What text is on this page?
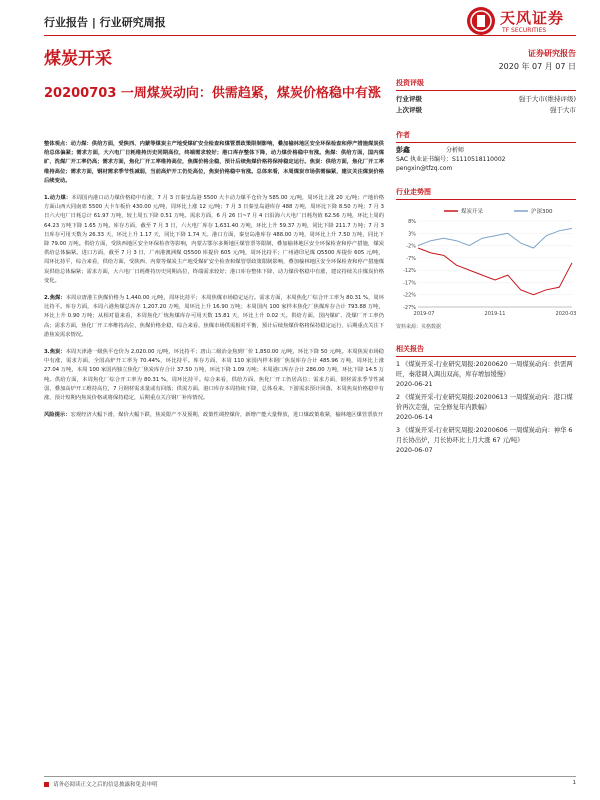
行业报告 | 行业研究周报	天风证券
TF SECURITIES
煤炭开采	证券研究报告
2020 年 07 月 07 日
20200703 一周煤炭动向：供需趋紧，煤炭价格稳中有涨

整体观点：动力煤：供给方面，受陕西、内蒙等煤炭主产地受煤矿安全检查和煤管票政策限制影响，叠加榆林地区安全环保检查和停产措施煤炭供给总体偏紧；需求方面，大六电厂日耗维持历史同期高位，终端需求较好；港口库存整体下降，动力煤价格稳中有涨。焦煤：供给方面，国内煤矿、洗煤厂开工率仍高；需求方面，焦化厂开工率维持高位，焦煤价格企稳，预计后续焦煤价格将保持稳定运行。焦炭：供给方面，焦化厂开工率维持高位；需求方面，钢材需求季节性减弱，当前高炉开工仍处高位，焦炭价格稳中有涨。总体来看，本周煤炭市场供需偏紧，建议关注煤炭价格后续变动。

1.动力煤：本周国内港口动力煤价格稳中有涨，7 月 3 日秦皇岛港 5500 大卡动力煤平仓价为 585.00 元/吨，周环比上涨 20 元/吨；产地价格方面山西大同南郊 5500 大卡车板价 430.00 元/吨，周环比上涨 12 元/吨；7 月 3 日秦皇岛港库存 488 万吨，周环比下降 8.50 万吨；7 月 3 日六大电厂日耗总计 61.97 万吨，较上周五下降 0.51 万吨。需求方面，6 月 26 日~7 月 4 日沿海六大电厂日耗均值 62.56 万吨，环比上周的 64.23 万吨下降 1.65 万吨。库存方面，截至 7 月 3 日，六大电厂库存 1,631.40 万吨，环比上升 59.37 万吨，同比下降 211.7 万吨；7 月 3 日库存可用天数为 26.33 天，环比上升 1.17 天，同比下降 1.74 天。港口方面，秦皇岛港库存 488.00 万吨，周环比上升 7.50 万吨，同比下降 79.00 万吨。供给方面，受陕西地区安全环保检查等影响，内蒙古鄂尔多斯地区煤管票等限制，叠加榆林地区安全环保检查和停产措施，煤炭供给总体偏紧。进口方面，截至 7 月 3 日，广州港澳洲煤 Q5500 库提价 605 元/吨，周环比持平；广州港印尼煤 Q5500 库提价 605 元/吨，周环比持平，综合来看，供给方面，受陕西、内蒙等煤炭主产地受煤矿安全检查和煤管票政策限制影响，叠加榆林地区安全环保检查和停产措施煤炭供给总体偏紧；需求方面，大六电厂日耗维持历史同期高位，终端需求较好；港口库存整体下降，动力煤价格稳中有涨，建议持续关注煤炭价格变化。

2.焦煤：本周京唐港主焦煤价格为 1,440.00 元/吨，周环比持平；本周焦煤市场稳定运行。需求方面，本周焦化厂综合开工率为 80.31 %，周环比持平。库存方面，本周六港焦煤总库存 1,207.20 万吨，周环比上升 16.90 万吨；本周国内 100 家样本焦化厂焦煤库存合计 793.88 万吨，环比上升 0.90 万吨；从相对量来看，本周焦化厂炼焦煤库存可用天数 15.81 天，环比上升 0.02 天。供给方面，国内煤矿、洗煤厂开工率仍高；需求方面，焦化厂开工率维持高位，焦煤价格企稳，综合来看，焦煤市场供需相对平衡，预计后续焦煤价格将保持稳定运行，后期重点关注下游焦炭需求情况。

3.焦炭：本周天津港一级焦平仓价为 2,020.00 元/吨，环比持平；唐山二级冶金焦到厂价 1,850.00 元/吨，环比下降 50 元/吨。本周焦炭市场稳中有涨，需求方面，全国高炉开工率为 70.44%，环比持平。库存方面，本周 110 家国内样本钢厂焦炭库存合计 485.96 万吨，周环比上涨 27.04 万吨，本周 100 家国内独立焦化厂焦炭库存合计 37.50 万吨，环比下降 1.09 万吨；本周港口库存合计 286.00 万吨，环比下降 14.5 万吨。供给方面，本周焦化厂综合开工率为 80.31 %，周环比持平。综合来看，供给方面，焦化厂开工仍居高位；需求方面，钢材需求季节性减弱，叠加高炉开工维持高位，7 月钢材需求量或有回落；供需方面，港口库存本周持续下降，总体看来，下游需求预计回落，本周焦炭价格稳中有涨，预计短期内焦炭价格或将保持稳定，后期重点关注钢厂补库情况。

风险提示：宏观经济大幅下滑，煤价大幅下跌，焦炭限产不及预期，政策性调控煤价，新增产能大量释放，进口煤政策收紧，榆林地区煤管票放开

投资评级
行业评级	强于大市(维持评级)
上次评级	强于大市
作者
彭鑫	分析师
SAC 执业证书编号：S1110518110002
pengxin@tfzq.com
行业走势图
8%
3%
-2%
-7%
-12%
-17%
-22%
-27%
2019-07	2019-11	2020-03
煤炭开采	沪深300
资料来源：贝格数据
相关报告
1 《煤炭开采-行业研究周报:20200620 一周煤炭动向：供需两旺，秦港调入调出双高，库存增加缓慢》
2020-06-21
2 《煤炭开采-行业研究周报:20200613 一周煤炭动向：港口煤价再次走强，完全修复年内跌幅》
2020-06-14
3 《煤炭开采-行业研究周报:20200606 一周煤炭动向：神华 6 月长协出炉，月长协环比上月大涨 67 元/吨》
2020-06-07
请务必阅读正文之后的信息披露和免责申明	1
